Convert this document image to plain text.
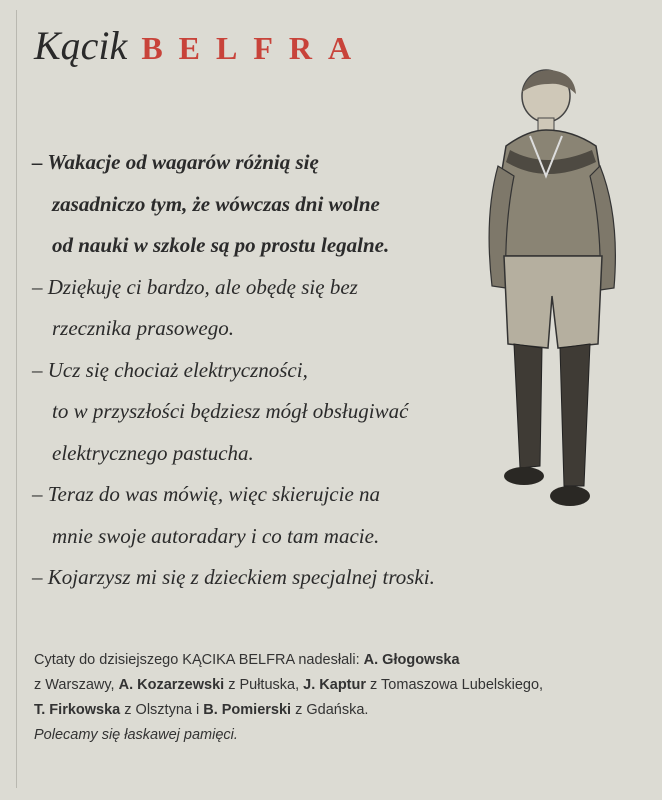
Kącik BELFRA
– Wakacje od wagarów różnią się
zasadniczo tym, że wówczas dni wolne
od nauki w szkole są po prostu legalne.
– Dziękuję ci bardzo, ale obędę się bez
rzecznika prasowego.
– Ucz się chociaż elektryczności,
to w przyszłości będziesz mógł obsługiwać
elektrycznego pastucha.
– Teraz do was mówię, więc skierujcie na
mnie swoje autoradary i co tam macie.
– Kojarzysz mi się z dzieckiem specjalnej troski.
Cytaty do dzisiejszego KĄCIKA BELFRA nadesłali: A. Głogowska
z Warszawy, A. Kozarzewski z Pułtuska, J. Kaptur z Tomaszowa Lubelskiego,
T. Firkowska z Olsztyna i B. Pomierski z Gdańska.
Polecamy się łaskawej pamięci.
